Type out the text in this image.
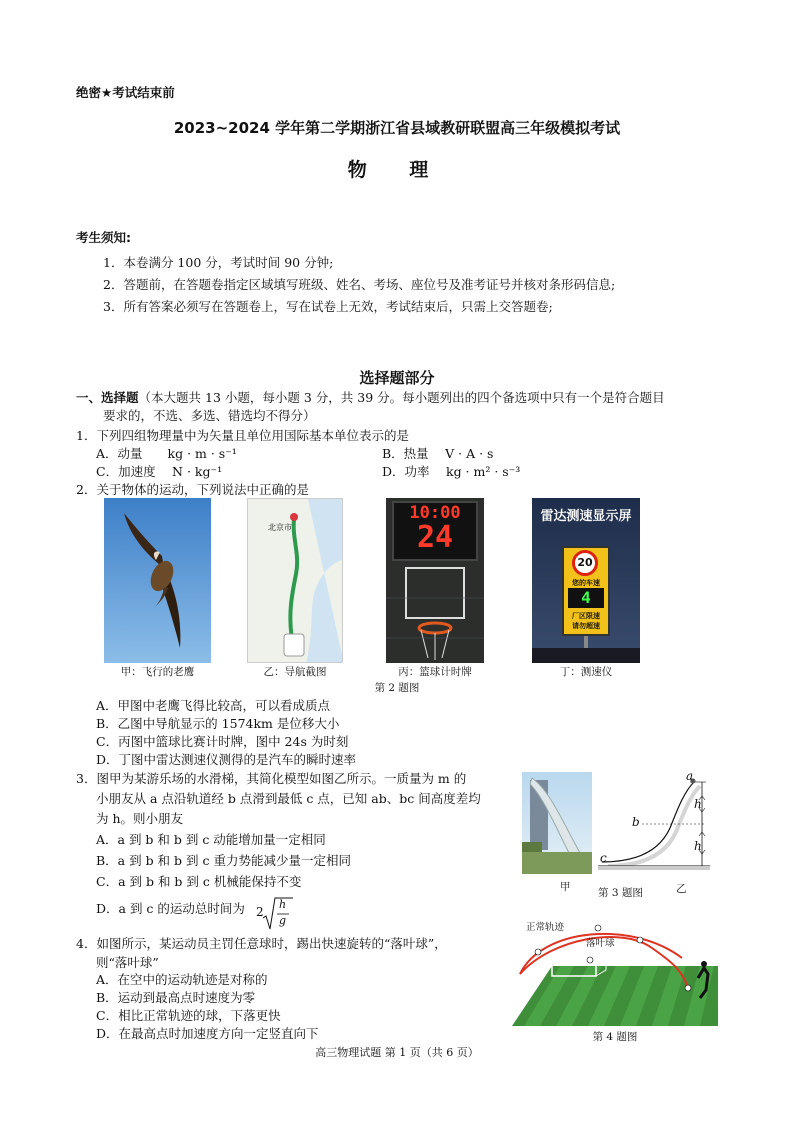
绝密★考试结束前
2023~2024 学年第二学期浙江省县域教研联盟高三年级模拟考试
物 理
考生须知:
1．本卷满分 100 分，考试时间 90 分钟;
2．答题前，在答题卷指定区域填写班级、姓名、考场、座位号及准考证号并核对条形码信息;
3．所有答案必须写在答题卷上，写在试卷上无效，考试结束后，只需上交答题卷;
选择题部分
一、选择题（本大题共 13 小题，每小题 3 分，共 39 分。每小题列出的四个备选项中只有一个是符合题目
要求的，不选、多选、错选均不得分）
1．下列四组物理量中为矢量且单位用国际基本单位表示的是
A．动量　　kg · m · s⁻¹	B．热量　 V · A · s
C．加速度　 N · kg⁻¹	D．功率　 kg · m² · s⁻³
2．关于物体的运动，下列说法中正确的是
甲：飞行的老鹰
北京市
乙：导航截图
10:00
24
丙：篮球计时牌
雷达测速显示屏
20
您的车速
4
厂区限速
请勿超速
丁：测速仪
第 2 题图
A．甲图中老鹰飞得比较高，可以看成质点
B．乙图中导航显示的 1574km 是位移大小
C．丙图中篮球比赛计时牌，图中 24s 为时刻
D．丁图中雷达测速仪测得的是汽车的瞬时速率
3．图甲为某游乐场的水滑梯，其简化模型如图乙所示。一质量为 m 的
小朋友从 a 点沿轨道经 b 点滑到最低 c 点，已知 ab、bc 间高度差均
为 h。则小朋友
A．a 到 b 和 b 到 c 动能增加量一定相同
B．a 到 b 和 b 到 c 重力势能减少量一定相同
C．a 到 b 和 b 到 c 机械能保持不变
D．a 到 c 的运动总时间为 2
h
g
甲
a
b
c
h
h
第 3 题图	乙
4．如图所示，某运动员主罚任意球时，踢出快速旋转的“落叶球”，
则“落叶球”
A．在空中的运动轨迹是对称的
B．运动到最高点时速度为零
C．相比正常轨迹的球，下落更快
D．在最高点时加速度方向一定竖直向下
正常轨迹
落叶球
第 4 题图
高三物理试题 第 1 页（共 6 页）
